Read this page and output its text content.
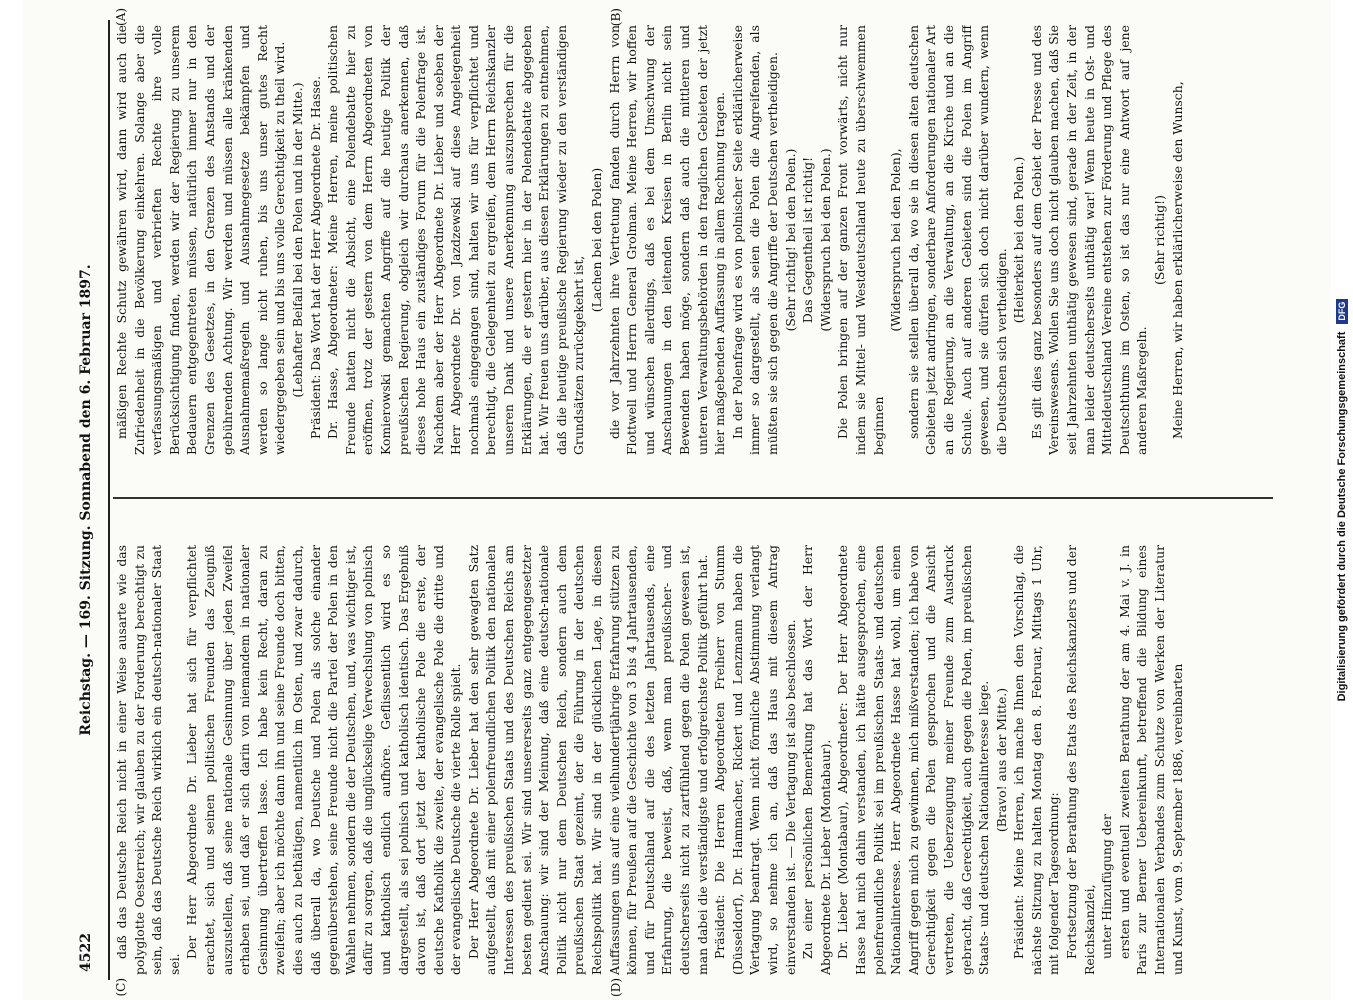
Digitalisierung gefördert durch die Deutsche Forschungsgemeinschaft
DFG
4522
Reichstag. — 169. Sitzung. Sonnabend den 6. Februar 1897.

mäßigen Rechte Schutz gewähren wird, dann wird auch die Zufriedenheit in die Bevölkerung einkehren. Solange aber die verfassungsmäßigen und verbrieften Rechte ihre volle Berücksichtigung finden, werden wir der Regierung zu unserem Bedauern entgegentreten müssen, natürlich immer nur in den Grenzen des Gesetzes, in den Grenzen des Anstands und der gebührenden Achtung. Wir werden und müssen alle kränkenden Ausnahmemaßregeln und Ausnahmegesetze bekämpfen und werden so lange nicht ruhen, bis uns unser gutes Recht wiedergegeben sein und bis uns volle Gerechtigkeit zu theil wird. (Lebhafter Beifall bei den Polen und in der Mitte.) Präsident: Das Wort hat der Herr Abgeordnete Dr. Hasse. Dr. Hasse, Abgeordneter: Meine Herren, meine politischen Freunde hatten nicht die Absicht, eine Polendebatte hier zu eröffnen, trotz der gestern von dem Herrn Abgeordneten von Komierowski gemachten Angriffe auf die heutige Politik der preußischen Regierung, obgleich wir durchaus anerkennen, daß dieses hohe Haus ein zuständiges Forum für die Polenfrage ist. Nachdem aber der Herr Abgeordnete Dr. Lieber und soeben der Herr Abgeordnete Dr. von Jazdzewski auf diese Angelegenheit nochmals eingegangen sind, halten wir uns für verpflichtet und berechtigt, die Gelegenheit zu ergreifen, dem Herrn Reichskanzler unseren Dank und unsere Anerkennung auszusprechen für die Erklärungen, die er gestern hier in der Polendebatte abgegeben hat. Wir freuen uns darüber, aus diesen Erklärungen zu entnehmen, daß die heutige preußische Regierung wieder zu den verständigen Grundsätzen zurückgekehrt ist,

(Lachen bei den Polen) die vor Jahrzehnten ihre Vertretung fanden durch Herrn von Flottwell und Herrn General Grolman. Meine Herren, wir hoffen und wünschen allerdings, daß es bei dem Umschwung der Anschauungen in den leitenden Kreisen in Berlin nicht sein Bewenden haben möge, sondern daß auch die mittleren und unteren Verwaltungsbehörden in den fraglichen Gebieten der jetzt hier maßgebenden Auffassung in allem Rechnung tragen. In der Polenfrage wird es von polnischer Seite erklärlicherweise immer so dargestellt, als seien die Polen die Angreifenden, als müßten sie sich gegen die Angriffe der Deutschen vertheidigen. (Sehr richtig! bei den Polen.) Das Gegentheil ist richtig! (Widerspruch bei den Polen.) Die Polen bringen auf der ganzen Front vorwärts, nicht nur indem sie Mittel- und Westdeutschland heute zu überschwemmen beginnen

(Widerspruch bei den Polen), sondern sie stellen überall da, wo sie in diesen alten deutschen Gebieten jetzt andringen, sonderbare Anforderungen nationaler Art an die Regierung, an die Verwaltung, an die Kirche und an die Schule. Auch auf anderen Gebieten sind die Polen im Angriff gewesen, und sie dürfen sich doch nicht darüber wundern, wenn die Deutschen sich vertheidigen.

(Heiterkeit bei den Polen.) Es gilt dies ganz besonders auf dem Gebiet der Presse und des Vereinswesens. Wollen Sie uns doch nicht glauben machen, daß Sie seit Jahrzehnten unthätig gewesen sind, gerade in der Zeit, in der man leider deutscherseits unthätig war! Wenn heute in Ost- und Mitteldeutschland Vereine entstehen zur Förderung und Pflege des Deutschthums im Osten, so ist das nur eine Antwort auf jene anderen Maßregeln.

(Sehr richtig!) Meine Herren, wir haben erklärlicherweise den Wunsch,

daß das Deutsche Reich nicht in einer Weise ausarte wie das polyglotte Oesterreich; wir glauben zu der Forderung berechtigt zu sein, daß das Deutsche Reich wirklich ein deutsch-nationaler Staat sei.

Der Herr Abgeordnete Dr. Lieber hat sich für verpflichtet erachtet, sich und seinen politischen Freunden das Zeugniß auszustellen, daß seine nationale Gesinnung über jeden Zweifel erhaben sei, und daß er sich darin von niemandem in nationaler Gesinnung übertreffen lasse. Ich habe kein Recht, daran zu zweifeln; aber ich möchte dann ihn und seine Freunde doch bitten, dies auch zu bethätigen, namentlich im Osten, und zwar dadurch, daß überall da, wo Deutsche und Polen als solche einander gegenüberstehen, seine Freunde nicht die Partei der Polen in den Wahlen nehmen, sondern die der Deutschen, und, was wichtiger ist, dafür zu sorgen, daß die unglückselige Verwechslung von polnisch und katholisch endlich aufhöre. Geflissentlich wird es so dargestellt, als sei polnisch und katholisch identisch. Das Ergebniß davon ist, daß dort jetzt der katholische Pole die erste, der deutsche Katholik die zweite, der evangelische Pole die dritte und der evangelische Deutsche die vierte Rolle spielt. Der Herr Abgeordnete Dr. Lieber hat den sehr gewagten Satz aufgestellt, daß mit einer polenfreundlichen Politik den nationalen Interessen des preußischen Staats und des Deutschen Reichs am besten gedient sei. Wir sind unsererseits ganz entgegengesetzter Anschauung: wir sind der Meinung, daß eine deutsch-nationale Politik nicht nur dem Deutschen Reich, sondern auch dem preußischen Staat gezeimt, der die Führung in der deutschen Reichspolitik hat. Wir sind in der glücklichen Lage, in diesen Auffassungen uns auf eine vielhundertjährige Erfahrung stützen zu können, für Preußen auf die Geschichte von 3 bis 4 Jahrtausenden, und für Deutschland auf die des letzten Jahrtausends, eine Erfahrung, die beweist, daß, wenn man preußischer- und deutscherseits nicht zu zartfühlend gegen die Polen gewesen ist, man dabei die verständigste und erfolgreichste Politik geführt hat. Präsident: Die Herren Abgeordneten Freiherr von Stumm (Düsseldorf), Dr. Hammacher, Rickert und Lenzmann haben die Vertagung beantragt. Wenn nicht förmliche Abstimmung verlangt wird, so nehme ich an, daß das Haus mit diesem Antrag einverstanden ist. — Die Vertagung ist also beschlossen. Zu einer persönlichen Bemerkung hat das Wort der Herr Abgeordnete Dr. Lieber (Montabaur). Dr. Lieber (Montabaur), Abgeordneter: Der Herr Abgeordnete Hasse hat mich dahin verstanden, ich hätte ausgesprochen, eine polenfreundliche Politik sei im preußischen Staats- und deutschen Nationalinteresse. Herr Abgeordnete Hasse hat wohl, um einen Angriff gegen mich zu gewinnen, mich mißverstanden; ich habe von Gerechtigkeit gegen die Polen gesprochen und die Ansicht vertreten, die Ueberzeugung meiner Freunde zum Ausdruck gebracht, daß Gerechtigkeit, auch gegen die Polen, im preußischen Staats- und deutschen Nationalinteresse liege. (Bravo! aus der Mitte.) Präsident: Meine Herren, ich mache Ihnen den Vorschlag, die nächste Sitzung zu halten Montag den 8. Februar, Mittags 1 Uhr, mit folgender Tagesordnung: Fortsetzung der Berathung des Etats des Reichskanzlers und der Reichskanzlei, unter Hinzufügung der ersten und eventuell zweiten Berathung der am 4. Mai v. J. in Paris zur Berner Uebereinkunft, betreffend die Bildung eines Internationalen Verbandes zum Schutze von Werken der Literatur und Kunst, vom 9. September 1886, vereinbarten

(A)	(B)
(C)	(D)
